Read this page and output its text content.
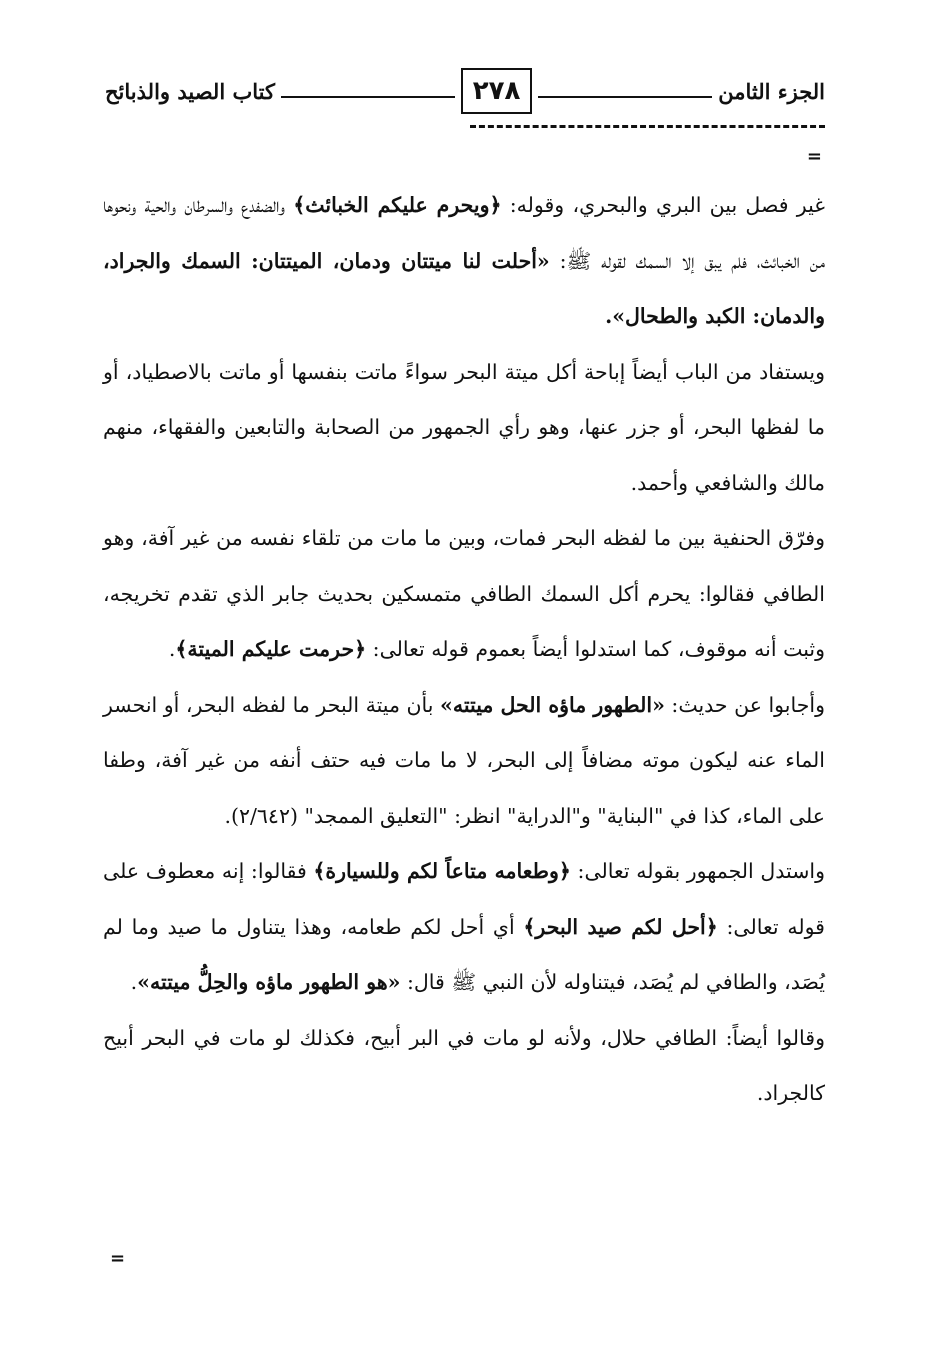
الجزء الثامن
٢٧٨
كتاب الصيد والذبائح
=

غير فصل بين البري والبحري، وقوله: ﴿ويحرم عليكم الخبائث﴾ والضفدع والسرطان والحية ونحوها من الخبائث، فلم يبق إلا السمك لقوله ﷺ: «أحلت لنا ميتتان ودمان، الميتتان: السمك والجراد، والدمان: الكبد والطحال».

ويستفاد من الباب أيضاً إباحة أكل ميتة البحر سواءً ماتت بنفسها أو ماتت بالاصطياد، أو ما لفظها البحر، أو جزر عنها، وهو رأي الجمهور من الصحابة والتابعين والفقهاء، منهم مالك والشافعي وأحمد.

وفرّق الحنفية بين ما لفظه البحر فمات، وبين ما مات من تلقاء نفسه من غير آفة، وهو الطافي فقالوا: يحرم أكل السمك الطافي متمسكين بحديث جابر الذي تقدم تخريجه، وثبت أنه موقوف، كما استدلوا أيضاً بعموم قوله تعالى: ﴿حرمت عليكم الميتة﴾.

وأجابوا عن حديث: «الطهور ماؤه الحل ميتته» بأن ميتة البحر ما لفظه البحر، أو انحسر الماء عنه ليكون موته مضافاً إلى البحر، لا ما مات فيه حتف أنفه من غير آفة، وطفا على الماء، كذا في "البناية" و"الدراية" انظر: "التعليق الممجد" (٢/٦٤٢).

واستدل الجمهور بقوله تعالى: ﴿وطعامه متاعاً لكم وللسيارة﴾ فقالوا: إنه معطوف على قوله تعالى: ﴿أحل لكم صيد البحر﴾ أي أحل لكم طعامه، وهذا يتناول ما صيد وما لم يُصَد، والطافي لم يُصَد، فيتناوله لأن النبي ﷺ قال: «هو الطهور ماؤه والحِلُّ ميتته».

وقالوا أيضاً: الطافي حلال، ولأنه لو مات في البر أبيح، فكذلك لو مات في البحر أبيح كالجراد.

=
